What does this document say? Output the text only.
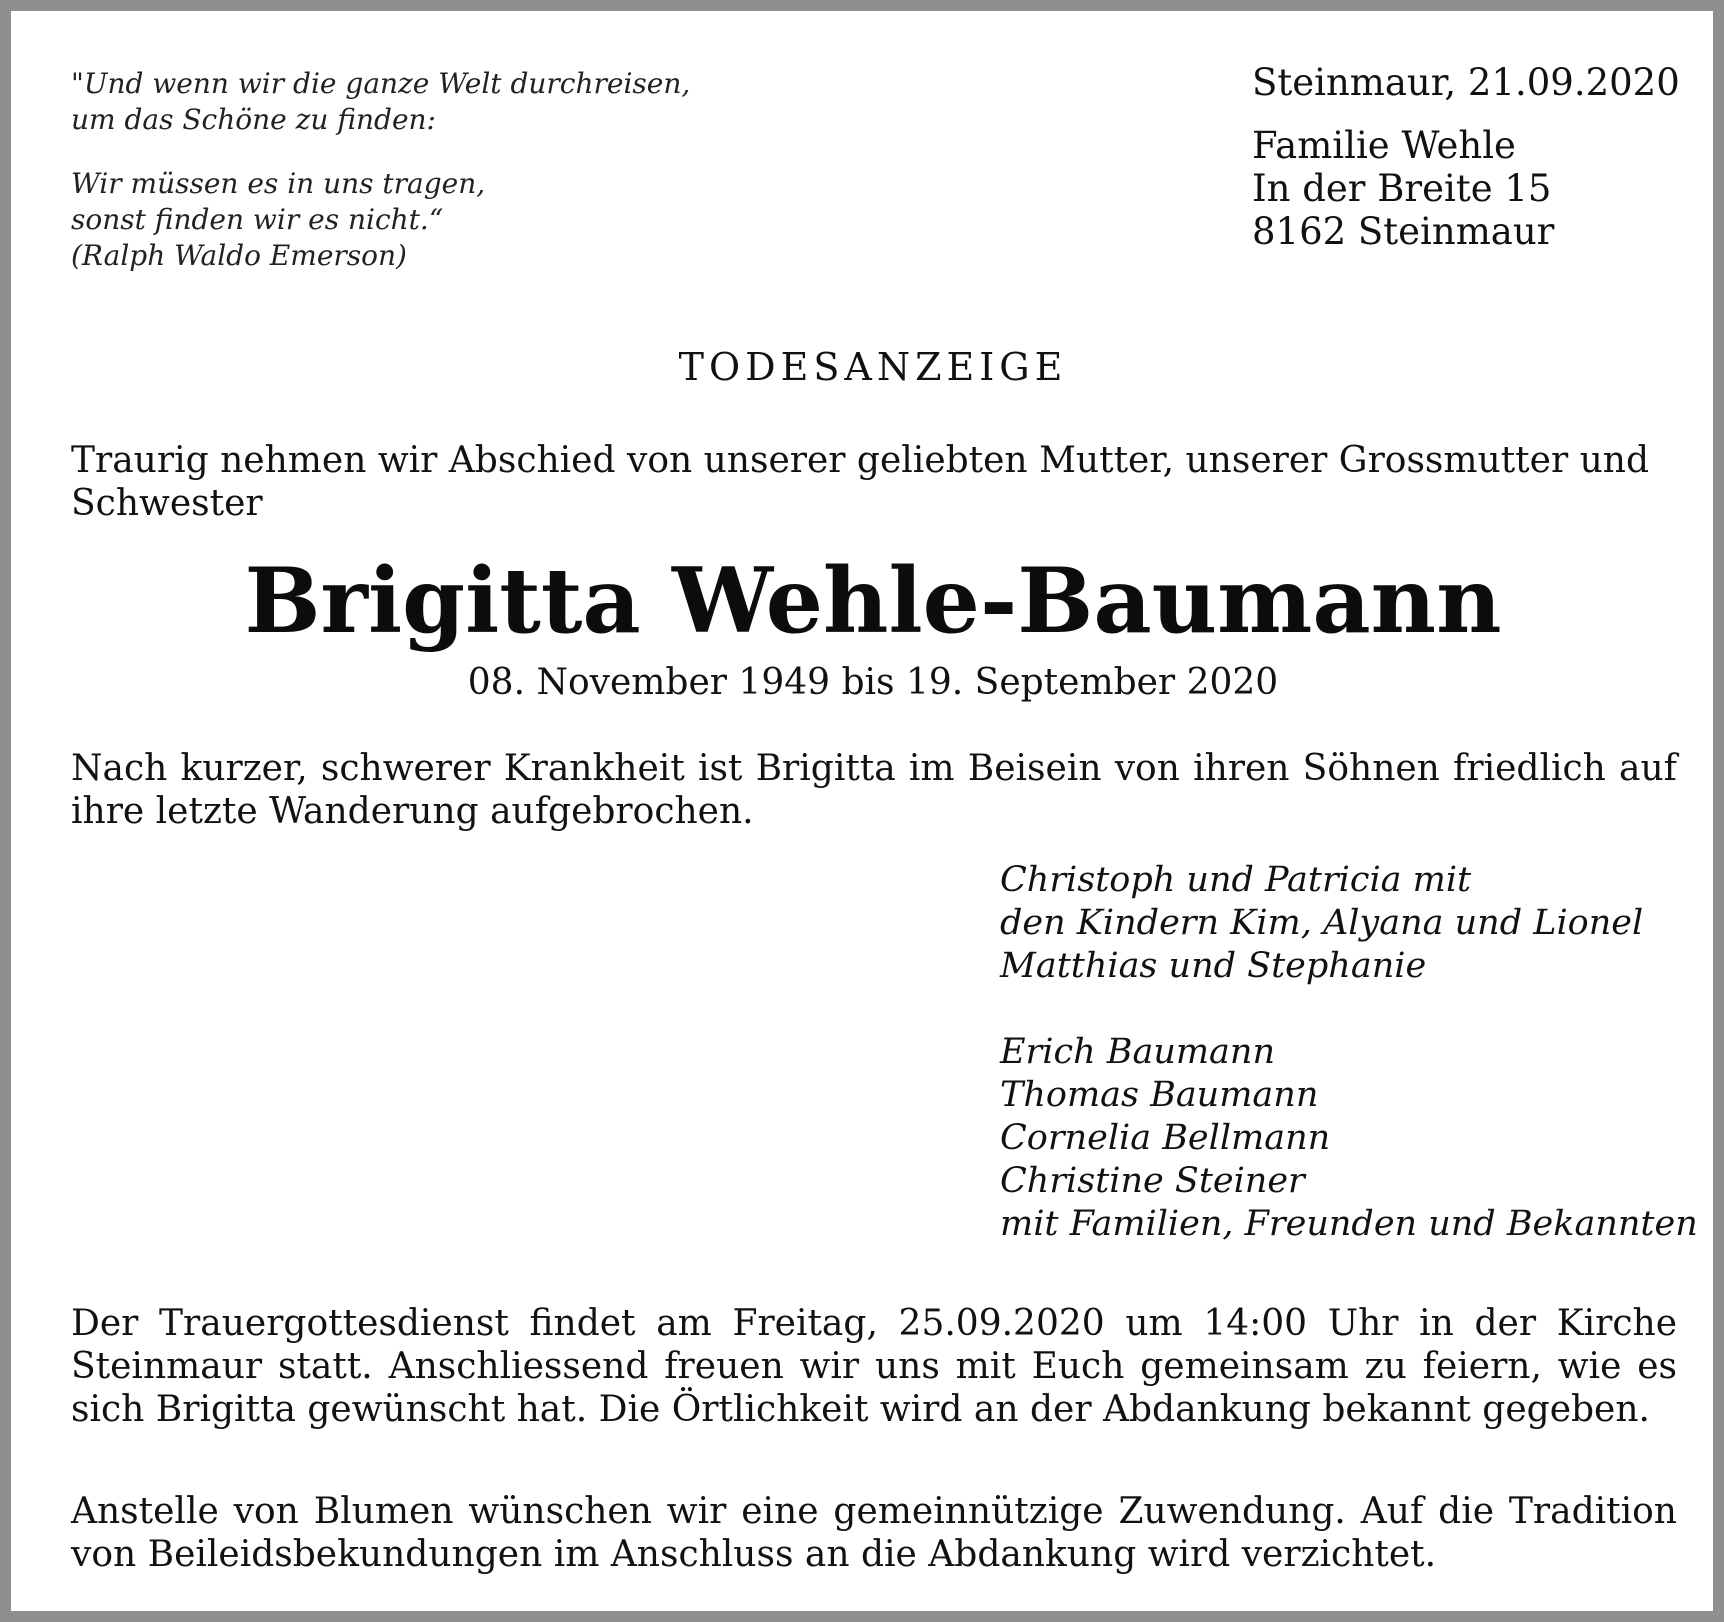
"Und wenn wir die ganze Welt durchreisen,
um das Schöne zu finden:
Wir müssen es in uns tragen,
sonst finden wir es nicht.“
(Ralph Waldo Emerson)
Steinmaur, 21.09.2020
Familie Wehle
In der Breite 15
8162 Steinmaur
TODESANZEIGE
Traurig nehmen wir Abschied von unserer geliebten Mutter, unserer Grossmutter und Schwester
Brigitta Wehle-Baumann
08. November 1949 bis 19. September 2020
Nach kurzer, schwerer Krankheit ist Brigitta im Beisein von ihren Söhnen friedlich auf ihre letzte Wanderung aufgebrochen.
Christoph und Patricia mit
den Kindern Kim, Alyana und Lionel
Matthias und Stephanie
Erich Baumann
Thomas Baumann
Cornelia Bellmann
Christine Steiner
mit Familien, Freunden und Bekannten
Der Trauergottesdienst findet am Freitag, 25.09.2020 um 14:00 Uhr in der Kirche Steinmaur statt. Anschliessend freuen wir uns mit Euch gemeinsam zu feiern, wie es sich Brigitta gewünscht hat. Die Örtlichkeit wird an der Abdankung bekannt gegeben.
Anstelle von Blumen wünschen wir eine gemeinnützige Zuwendung. Auf die Tradition von Beileidsbekundungen im Anschluss an die Abdankung wird verzichtet.
